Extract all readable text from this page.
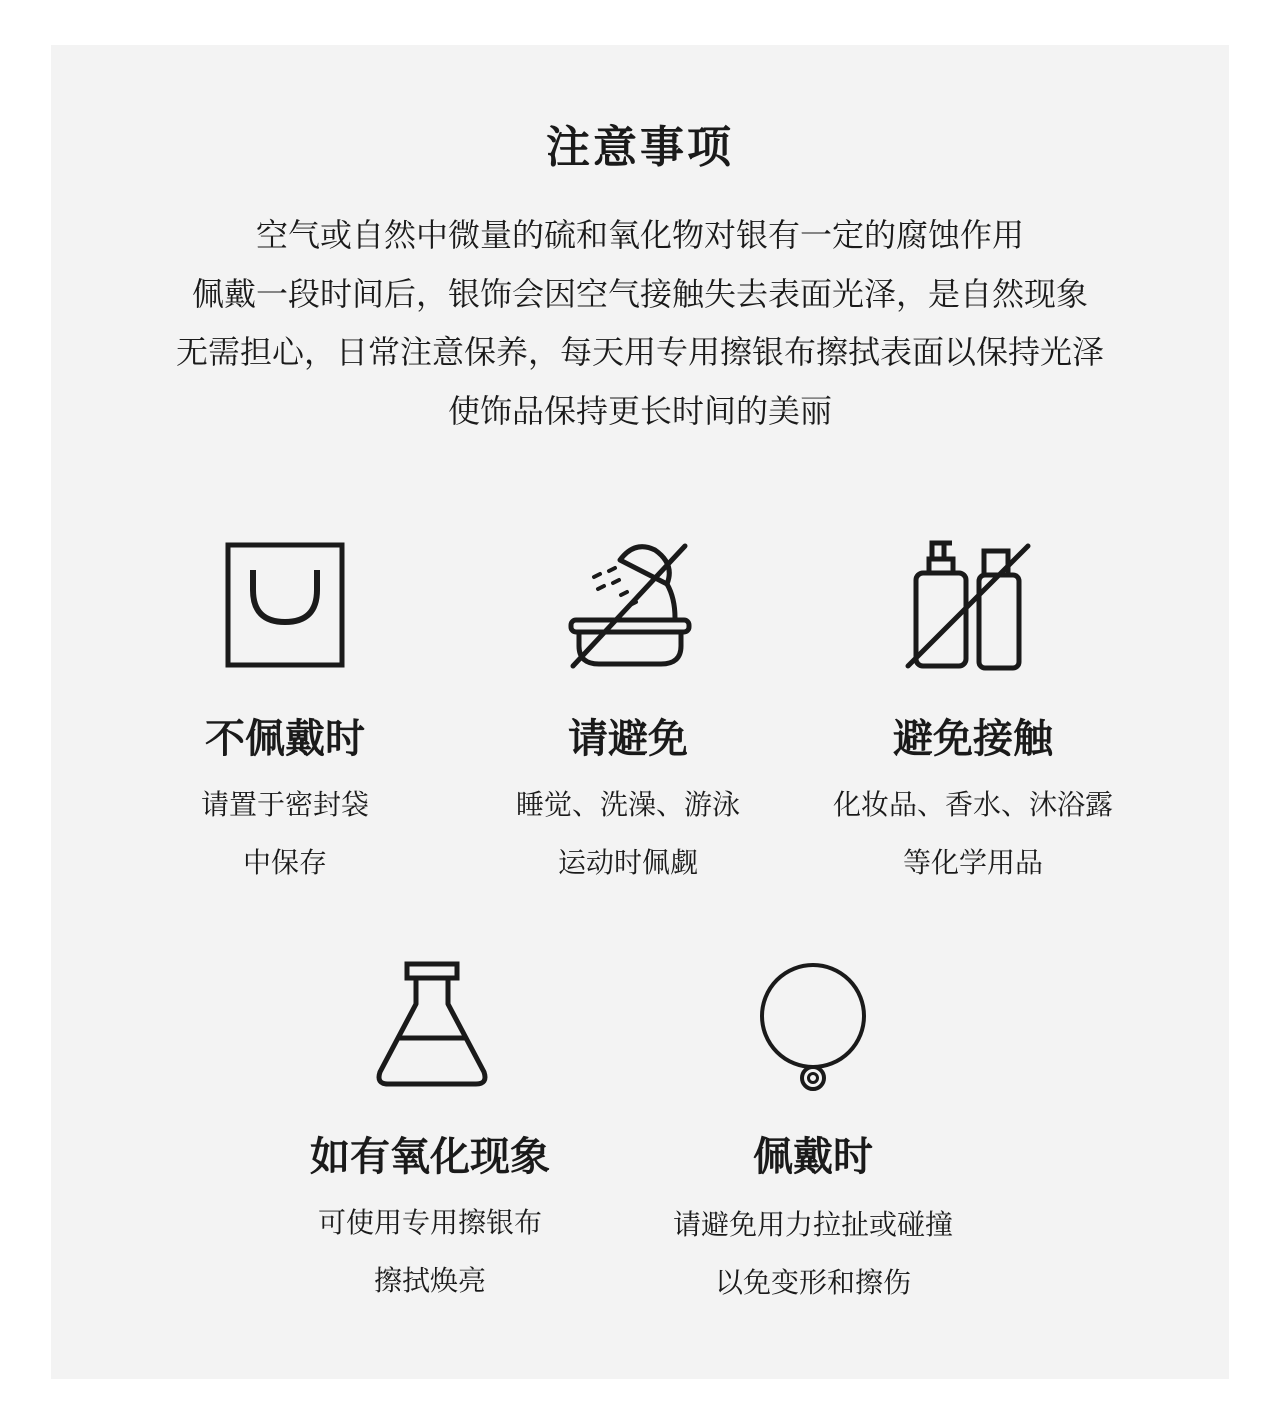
注意事项
空气或自然中微量的硫和氧化物对银有一定的腐蚀作用
佩戴一段时间后，银饰会因空气接触失去表面光泽，是自然现象
无需担心，日常注意保养，每天用专用擦银布擦拭表面以保持光泽
使饰品保持更长时间的美丽
不佩戴时
请置于密封袋
中保存
请避免
睡觉、洗澡、游泳
运动时佩觑
避免接触
化妆品、香水、沐浴露
等化学用品
如有氧化现象
可使用专用擦银布
擦拭焕亮
佩戴时
请避免用力拉扯或碰撞
以免变形和擦伤
